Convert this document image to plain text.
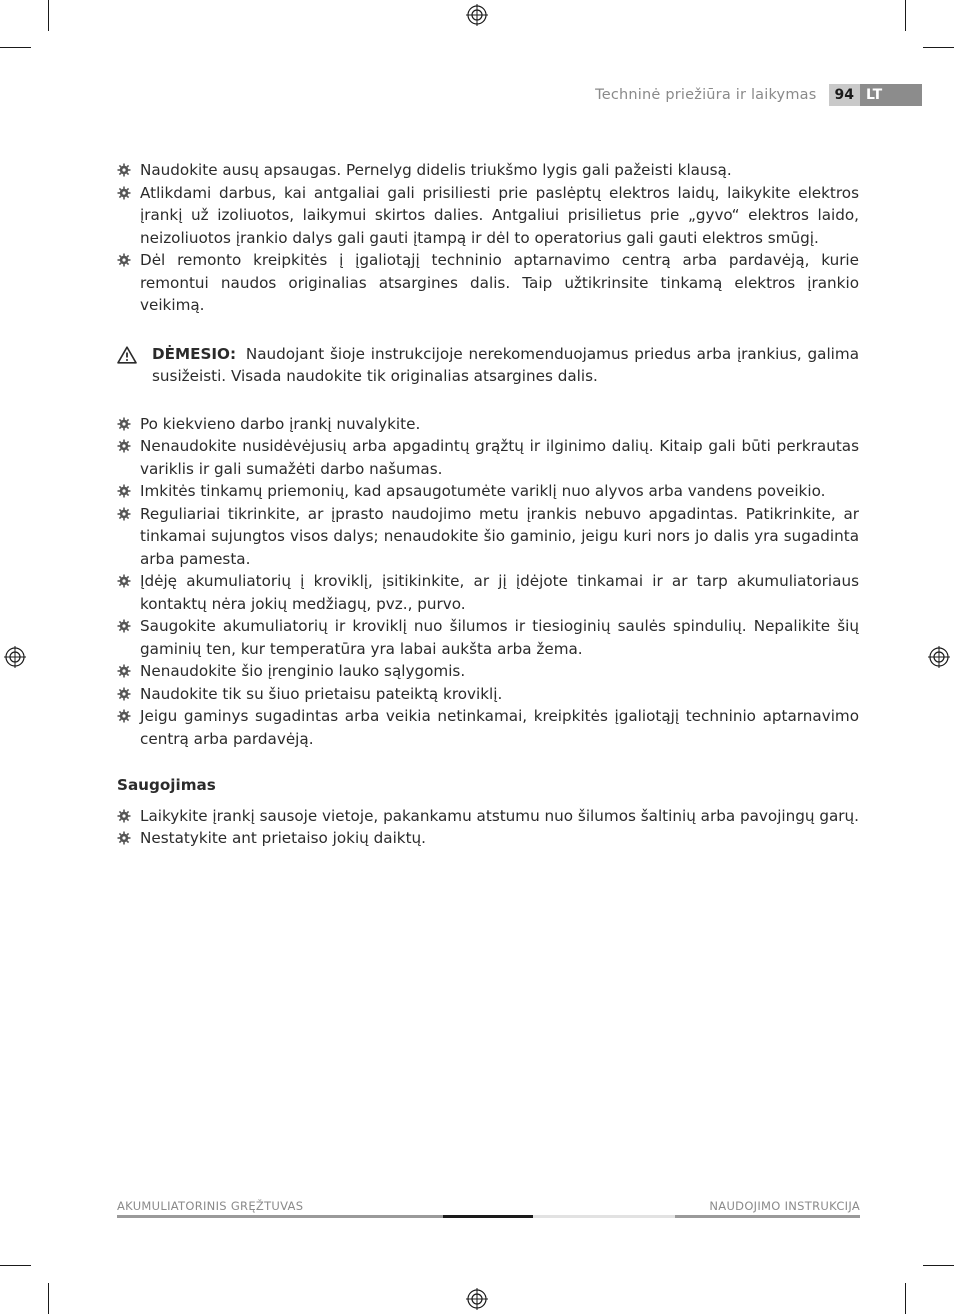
Techninė priežiūra ir laikymas	94 LT
Naudokite ausų apsaugas. Pernelyg didelis triukšmo lygis gali pažeisti klausą.
Atlikdami darbus, kai antgaliai gali prisiliesti prie paslėptų elektros laidų, laikykite elektros įrankį už izoliuotos, laikymui skirtos dalies. Antgaliui prisilietus prie „gyvo“ elektros laido, neizoliuotos įrankio dalys gali gauti įtampą ir dėl to operatorius gali gauti elektros smūgį.
Dėl remonto kreipkitės į įgaliotąjį techninio aptarnavimo centrą arba pardavėją, kurie remontui naudos originalias atsargines dalis. Taip užtikrinsite tinkamą elektros įrankio veikimą.
DĖMESIO: Naudojant šioje instrukcijoje nerekomenduojamus priedus arba įrankius, galima susižeisti. Visada naudokite tik originalias atsargines dalis.
Po kiekvieno darbo įrankį nuvalykite.
Nenaudokite nusidėvėjusių arba apgadintų grąžtų ir ilginimo dalių. Kitaip gali būti perkrautas variklis ir gali sumažėti darbo našumas.
Imkitės tinkamų priemonių, kad apsaugotumėte variklį nuo alyvos arba vandens poveikio.
Reguliariai tikrinkite, ar įprasto naudojimo metu įrankis nebuvo apgadintas. Patikrinkite, ar tinkamai sujungtos visos dalys; nenaudokite šio gaminio, jeigu kuri nors jo dalis yra sugadinta arba pamesta.
Įdėję akumuliatorių į kroviklį, įsitikinkite, ar jį įdėjote tinkamai ir ar tarp akumuliatoriaus kontaktų nėra jokių medžiagų, pvz., purvo.
Saugokite akumuliatorių ir kroviklį nuo šilumos ir tiesioginių saulės spindulių. Nepalikite šių gaminių ten, kur temperatūra yra labai aukšta arba žema.
Nenaudokite šio įrenginio lauko sąlygomis.
Naudokite tik su šiuo prietaisu pateiktą kroviklį.
Jeigu gaminys sugadintas arba veikia netinkamai, kreipkitės įgaliotąjį techninio aptarnavimo centrą arba pardavėją.
Saugojimas
Laikykite įrankį sausoje vietoje, pakankamu atstumu nuo šilumos šaltinių arba pavojingų garų.
Nestatykite ant prietaiso jokių daiktų.
AKUMULIATORINIS GRĘŽTUVAS	NAUDOJIMO INSTRUKCIJA
